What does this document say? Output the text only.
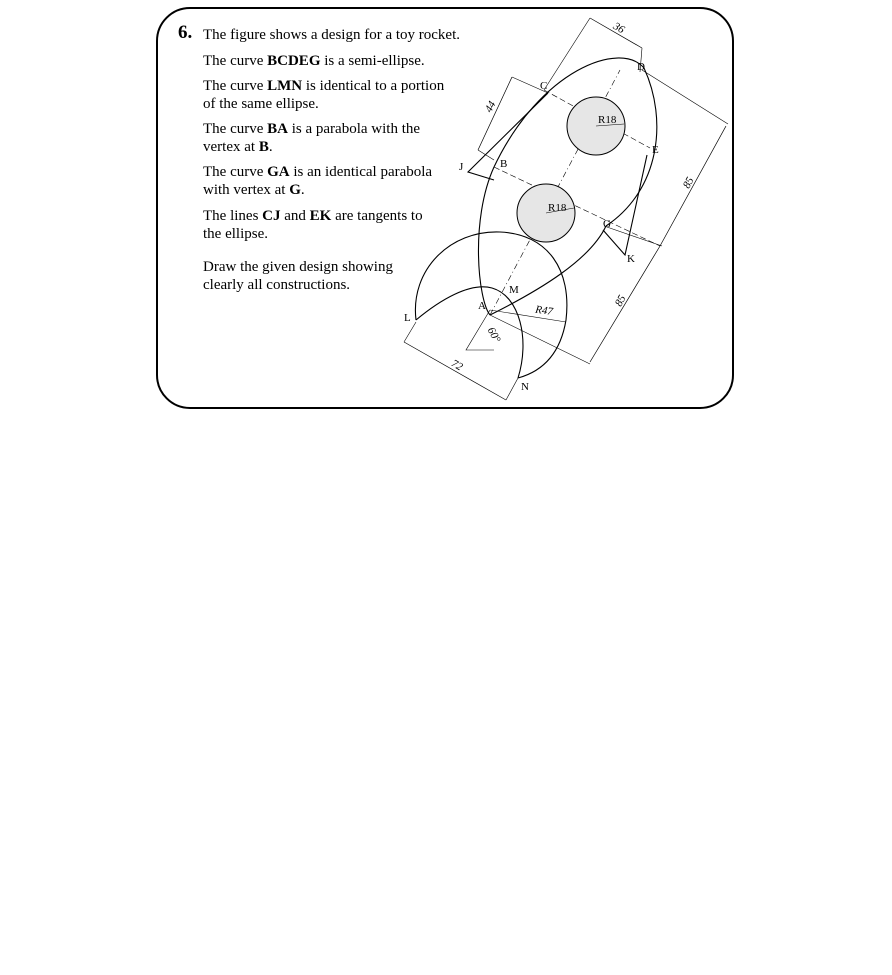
6. The figure shows a design for a toy rocket.
The curve BCDEG is a semi-ellipse.
The curve LMN is identical to a portion
of the same ellipse.
The curve BA is a parabola with the
vertex at B.
The curve GA is an identical parabola
with vertex at G.
The lines CJ and EK are tangents to
the ellipse.
Draw the given design showing
clearly all constructions.
C
D
E
B
J
G
K
M
A
L
N
36
44
85
85
R18
R18
R47
60°
72
